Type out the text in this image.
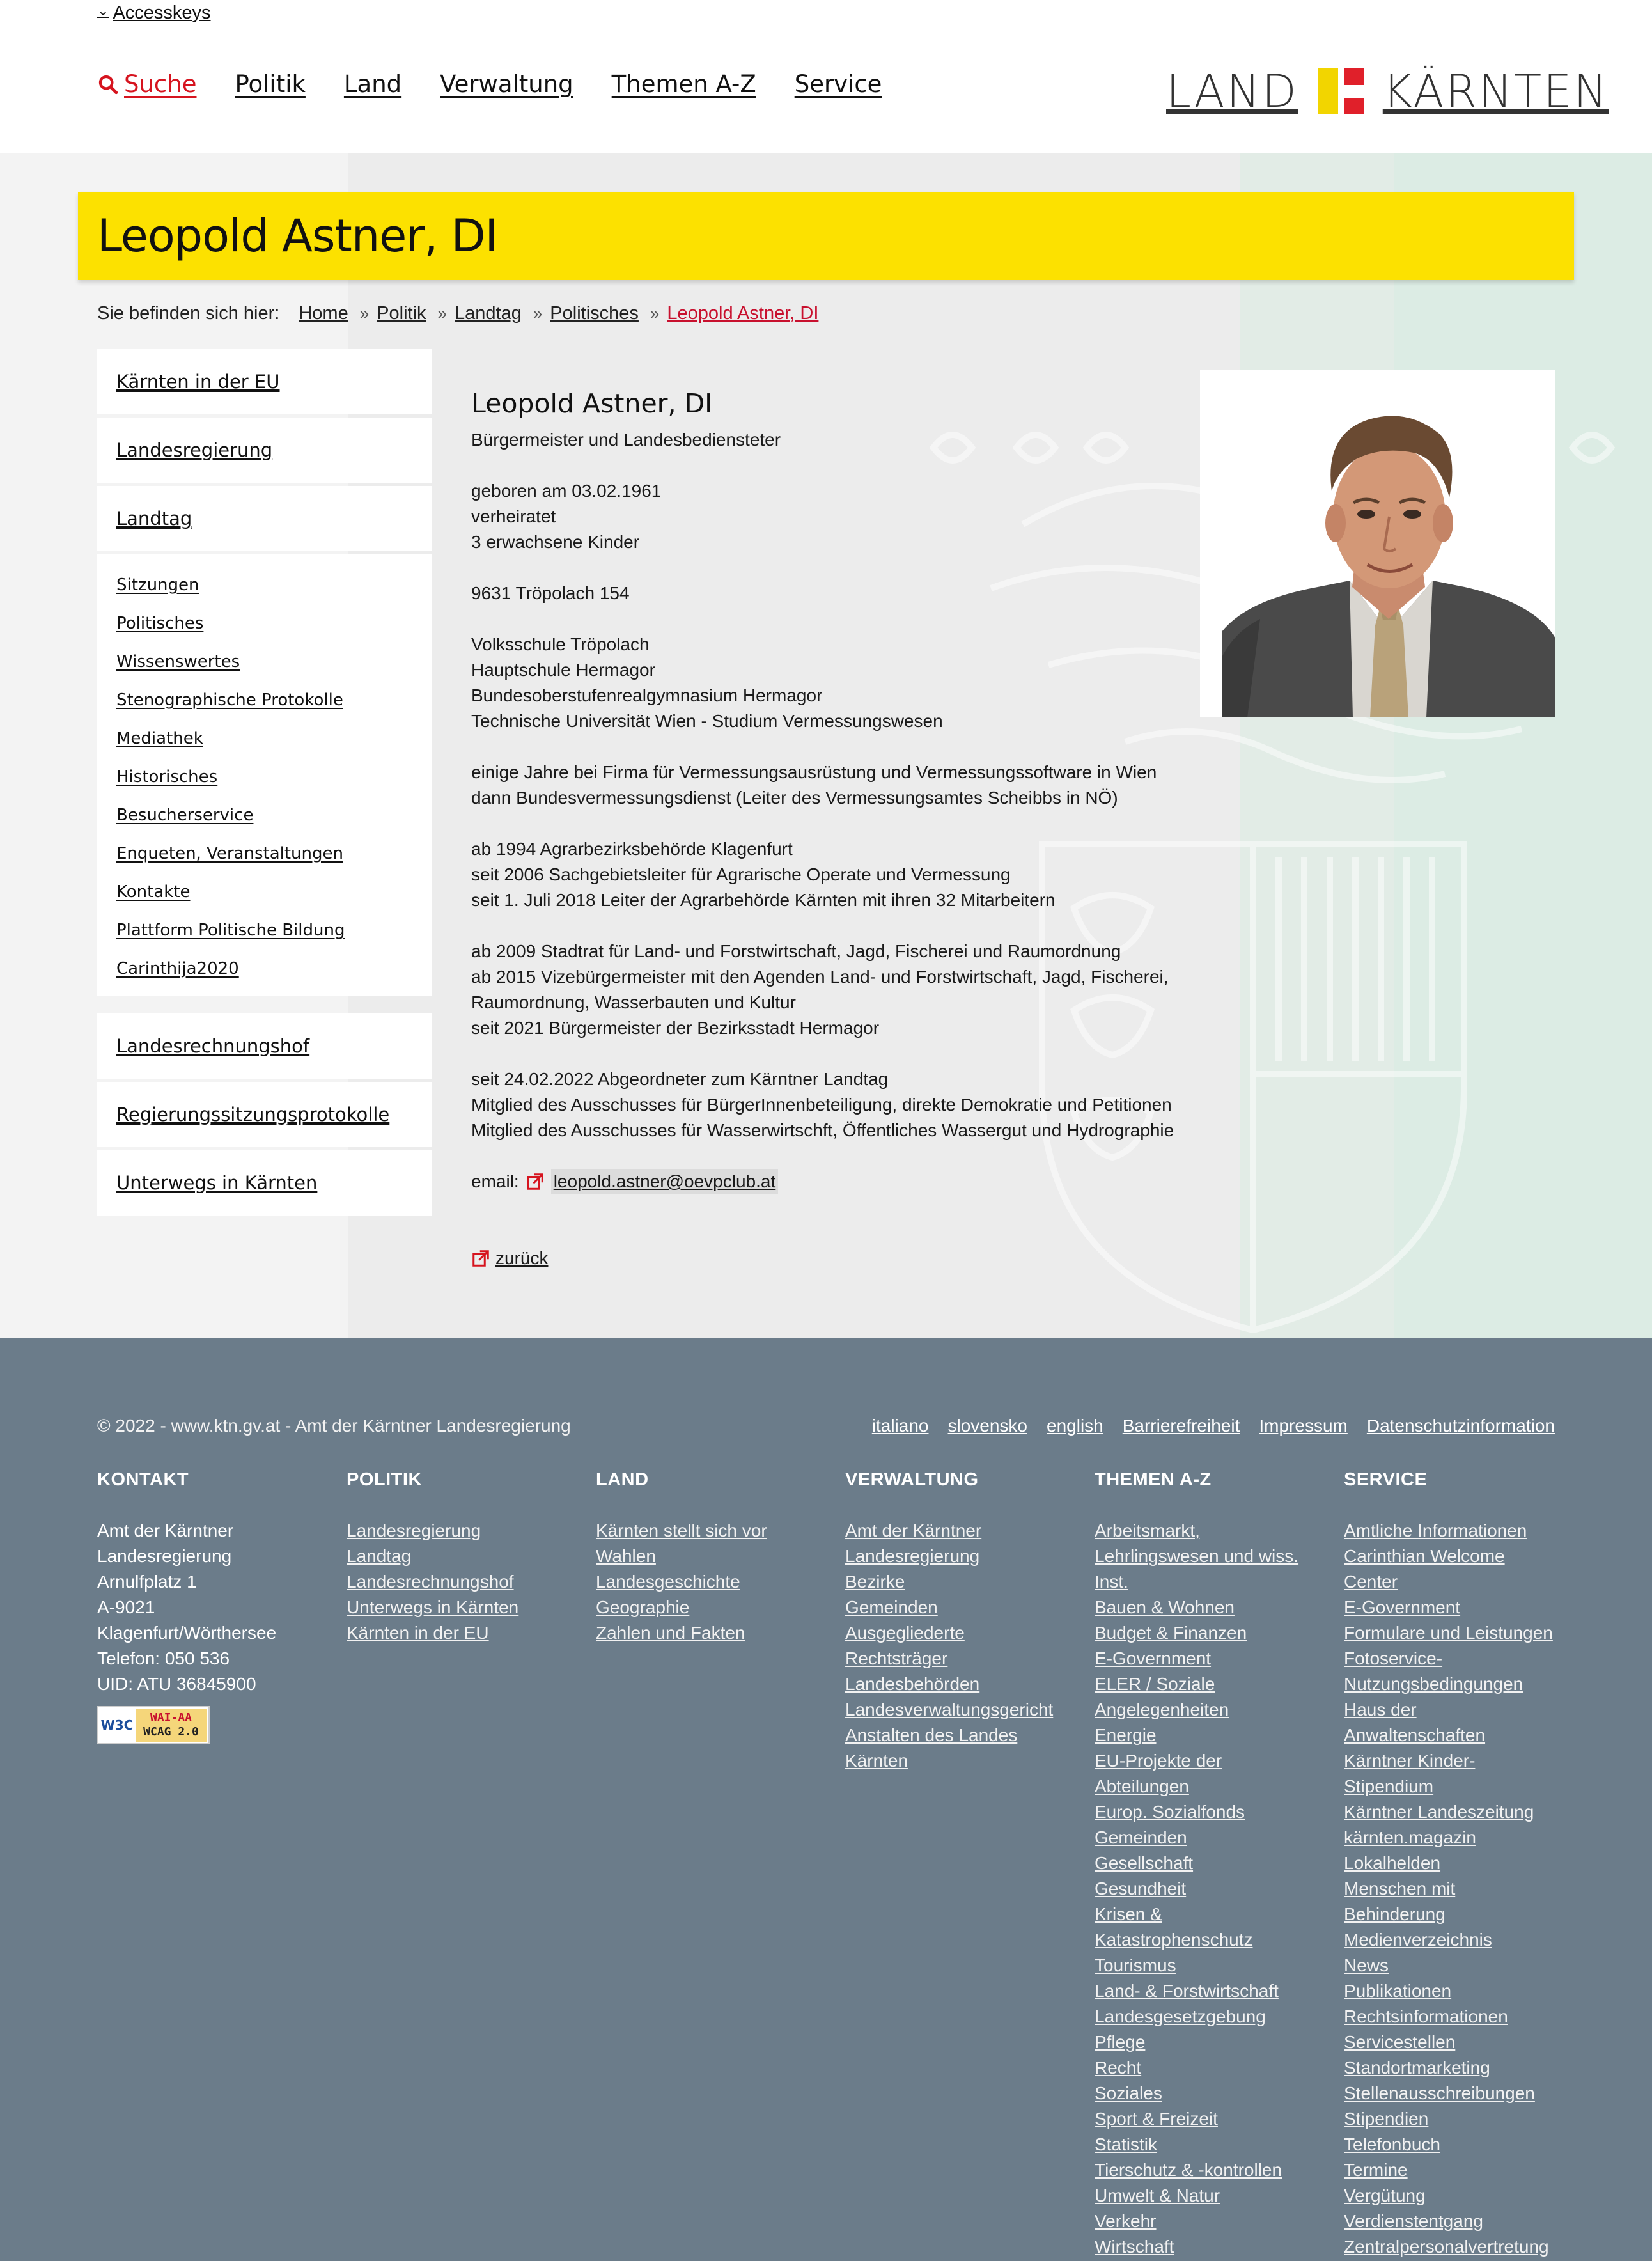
⌄ Accesskeys
Suche Politik Land Verwaltung Themen A-Z Service	LAND KÄRNTEN
Leopold Astner, DI
Sie befinden sich hier: Home » Politik » Landtag » Politisches » Leopold Astner, DI
Kärnten in der EU
Landesregierung
Landtag
Sitzungen
Politisches
Wissenswertes
Stenographische Protokolle
Mediathek
Historisches
Besucherservice
Enqueten, Veranstaltungen
Kontakte
Plattform Politische Bildung
Carinthija2020
Landesrechnungshof
Regierungssitzungsprotokolle
Unterwegs in Kärnten
Leopold Astner, DI
Bürgermeister und Landesbediensteter
geboren am 03.02.1961
verheiratet
3 erwachsene Kinder
9631 Tröpolach 154
Volksschule Tröpolach
Hauptschule Hermagor
Bundesoberstufenrealgymnasium Hermagor
Technische Universität Wien - Studium Vermessungswesen
einige Jahre bei Firma für Vermessungsausrüstung und Vermessungssoftware in Wien
dann Bundesvermessungsdienst (Leiter des Vermessungsamtes Scheibbs in NÖ)
ab 1994 Agrarbezirksbehörde Klagenfurt
seit 2006 Sachgebietsleiter für Agrarische Operate und Vermessung
seit 1. Juli 2018 Leiter der Agrarbehörde Kärnten mit ihren 32 Mitarbeitern
ab 2009 Stadtrat für Land- und Forstwirtschaft, Jagd, Fischerei und Raumordnung
ab 2015 Vizebürgermeister mit den Agenden Land- und Forstwirtschaft, Jagd, Fischerei,
Raumordnung, Wasserbauten und Kultur
seit 2021 Bürgermeister der Bezirksstadt Hermagor
seit 24.02.2022 Abgeordneter zum Kärntner Landtag
Mitglied des Ausschusses für BürgerInnenbeteiligung, direkte Demokratie und Petitionen
Mitglied des Ausschusses für Wasserwirtschft, Öffentliches Wassergut und Hydrographie
email: leopold.astner@oevpclub.at
zurück
© 2022 - www.ktn.gv.at - Amt der Kärntner Landesregierung	italiano slovensko english Barrierefreiheit Impressum Datenschutzinformation
KONTAKT
Amt der Kärntner
Landesregierung
Arnulfplatz 1
A-9021
Klagenfurt/Wörthersee
Telefon: 050 536
UID: ATU 36845900
W3C WAI-AA
WCAG 2.0
POLITIK
Landesregierung
Landtag
Landesrechnungshof
Unterwegs in Kärnten
Kärnten in der EU
LAND
Kärnten stellt sich vor
Wahlen
Landesgeschichte
Geographie
Zahlen und Fakten
VERWALTUNG
Amt der Kärntner
Landesregierung
Bezirke
Gemeinden
Ausgegliederte
Rechtsträger
Landesbehörden
Landesverwaltungsgericht
Anstalten des Landes
Kärnten
THEMEN A-Z
Arbeitsmarkt,
Lehrlingswesen und wiss.
Inst.
Bauen & Wohnen
Budget & Finanzen
E-Government
ELER / Soziale
Angelegenheiten
Energie
EU-Projekte der
Abteilungen
Europ. Sozialfonds
Gemeinden
Gesellschaft
Gesundheit
Krisen &
Katastrophenschutz
Tourismus
Land- & Forstwirtschaft
Landesgesetzgebung
Pflege
Recht
Soziales
Sport & Freizeit
Statistik
Tierschutz & -kontrollen
Umwelt & Natur
Verkehr
Wirtschaft
SERVICE
Amtliche Informationen
Carinthian Welcome
Center
E-Government
Formulare und Leistungen
Fotoservice-
Nutzungsbedingungen
Haus der
Anwaltenschaften
Kärntner Kinder-
Stipendium
Kärntner Landeszeitung
kärnten.magazin
Lokalhelden
Menschen mit
Behinderung
Medienverzeichnis
News
Publikationen
Rechtsinformationen
Servicestellen
Standortmarketing
Stellenausschreibungen
Stipendien
Telefonbuch
Termine
Vergütung
Verdienstentgang
Zentralpersonalvertretung
